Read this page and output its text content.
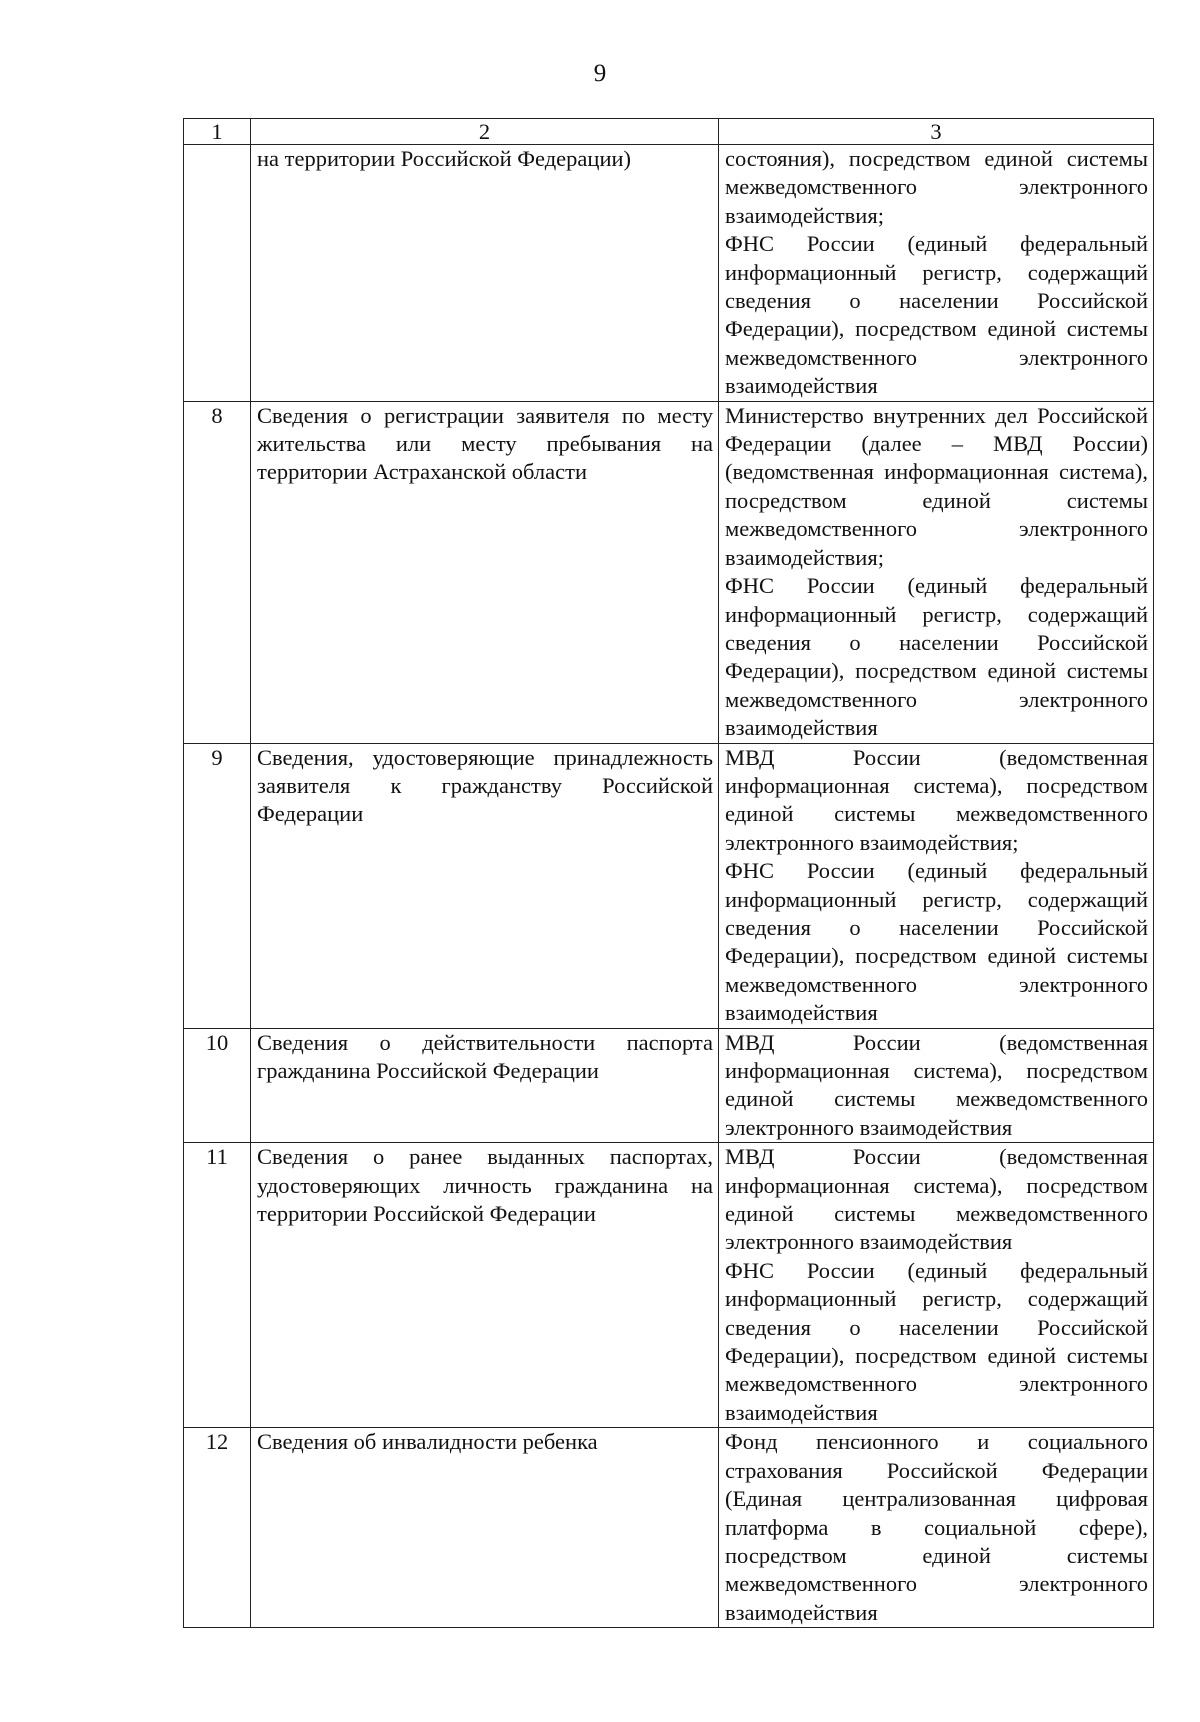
9
1	2	3

	на территории Российской Федерации)	состояния), посредством единой системы межведомственного электронного взаимодействия;
ФНС России (единый федеральный информационный регистр, содержащий сведения о населении Российской Федерации), посредством единой системы межведомственного электронного взаимодействия

8	Сведения о регистрации заявителя по месту жительства или месту пребывания на территории Астраханской области	Министерство внутренних дел Российской Федерации (далее – МВД России) (ведомственная информационная система), посредством единой системы межведомственного электронного взаимодействия;
ФНС России (единый федеральный информационный регистр, содержащий сведения о населении Российской Федерации), посредством единой системы межведомственного электронного взаимодействия

9	Сведения, удостоверяющие принадлежность заявителя к гражданству Российской Федерации	МВД России (ведомственная информационная система), посредством единой системы межведомственного электронного взаимодействия;
ФНС России (единый федеральный информационный регистр, содержащий сведения о населении Российской Федерации), посредством единой системы межведомственного электронного взаимодействия

10	Сведения о действительности паспорта гражданина Российской Федерации	МВД России (ведомственная информационная система), посредством единой системы межведомственного электронного взаимодействия

11	Сведения о ранее выданных паспортах, удостоверяющих личность гражданина на территории Российской Федерации	МВД России (ведомственная информационная система), посредством единой системы межведомственного электронного взаимодействия
ФНС России (единый федеральный информационный регистр, содержащий сведения о населении Российской Федерации), посредством единой системы межведомственного электронного взаимодействия

12	Сведения об инвалидности ребенка	Фонд пенсионного и социального страхования Российской Федерации (Единая централизованная цифровая платформа в социальной сфере), посредством единой системы межведомственного электронного взаимодействия
